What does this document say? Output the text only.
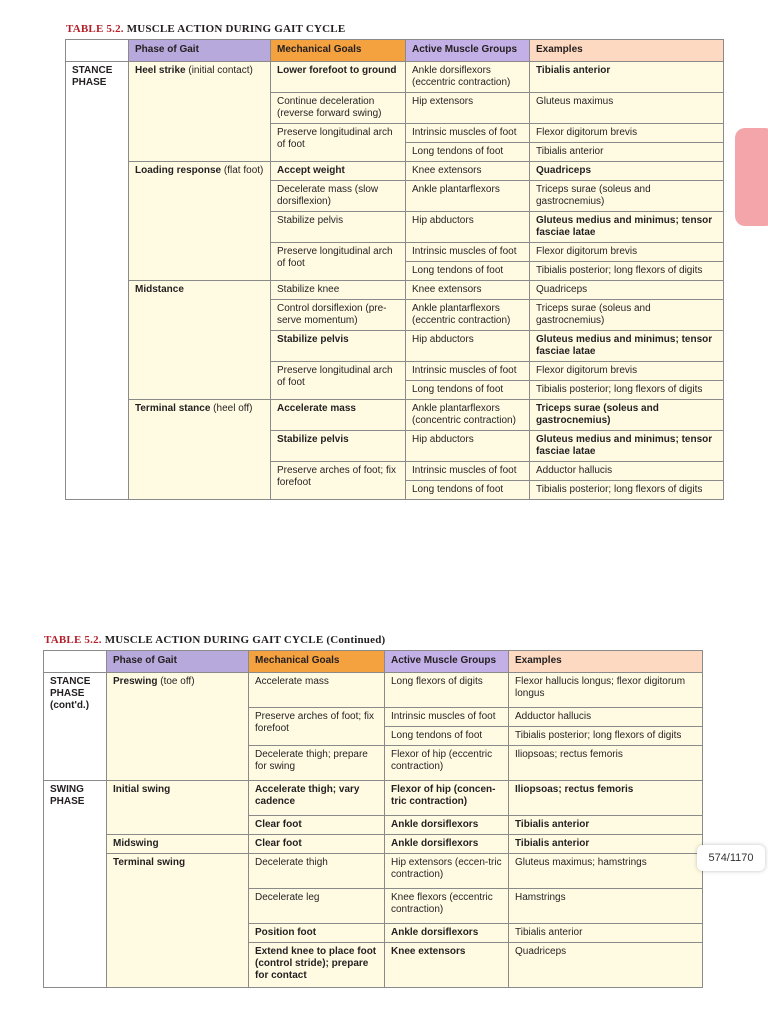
TABLE 5.2. MUSCLE ACTION DURING GAIT CYCLE
	Phase of Gait	Mechanical Goals	Active Muscle Groups	Examples
STANCE
PHASE	Heel strike (initial contact)	Lower forefoot to ground	Ankle dorsiflexors (eccentric contraction)	Tibialis anterior
		Continue deceleration (reverse forward swing)	Hip extensors	Gluteus maximus
		Preserve longitudinal arch of foot	Intrinsic muscles of foot	Flexor digitorum brevis
			Long tendons of foot	Tibialis anterior
	Loading response (flat foot)	Accept weight	Knee extensors	Quadriceps
		Decelerate mass (slow dorsiflexion)	Ankle plantarflexors	Triceps surae (soleus and gastrocnemius)
		Stabilize pelvis	Hip abductors	Gluteus medius and minimus; tensor fasciae latae
		Preserve longitudinal arch of foot	Intrinsic muscles of foot	Flexor digitorum brevis
			Long tendons of foot	Tibialis posterior; long flexors of digits
	Midstance	Stabilize knee	Knee extensors	Quadriceps
		Control dorsiflexion (pre-serve momentum)	Ankle plantarflexors (eccentric contraction)	Triceps surae (soleus and gastrocnemius)
		Stabilize pelvis	Hip abductors	Gluteus medius and minimus; tensor fasciae latae
		Preserve longitudinal arch of foot	Intrinsic muscles of foot	Flexor digitorum brevis
			Long tendons of foot	Tibialis posterior; long flexors of digits
	Terminal stance (heel off)	Accelerate mass	Ankle plantarflexors (concentric contraction)	Triceps surae (soleus and gastrocnemius)
		Stabilize pelvis	Hip abductors	Gluteus medius and minimus; tensor fasciae latae
		Preserve arches of foot; fix forefoot	Intrinsic muscles of foot	Adductor hallucis
			Long tendons of foot	Tibialis posterior; long flexors of digits
TABLE 5.2. MUSCLE ACTION DURING GAIT CYCLE (Continued)
	Phase of Gait	Mechanical Goals	Active Muscle Groups	Examples
STANCE
PHASE
(cont'd.)	Preswing (toe off)	Accelerate mass	Long flexors of digits	Flexor hallucis longus; flexor digitorum longus
		Preserve arches of foot; fix forefoot	Intrinsic muscles of foot	Adductor hallucis
			Long tendons of foot	Tibialis posterior; long flexors of digits
		Decelerate thigh; prepare for swing	Flexor of hip (eccentric contraction)	Iliopsoas; rectus femoris
SWING
PHASE	Initial swing	Accelerate thigh; vary cadence	Flexor of hip (concen-tric contraction)	Iliopsoas; rectus femoris
		Clear foot	Ankle dorsiflexors	Tibialis anterior
	Midswing	Clear foot	Ankle dorsiflexors	Tibialis anterior
	Terminal swing	Decelerate thigh	Hip extensors (eccen-tric contraction)	Gluteus maximus; hamstrings
		Decelerate leg	Knee flexors (eccentric contraction)	Hamstrings
		Position foot	Ankle dorsiflexors	Tibialis anterior
		Extend knee to place foot (control stride); prepare for contact	Knee extensors	Quadriceps
574/1170
